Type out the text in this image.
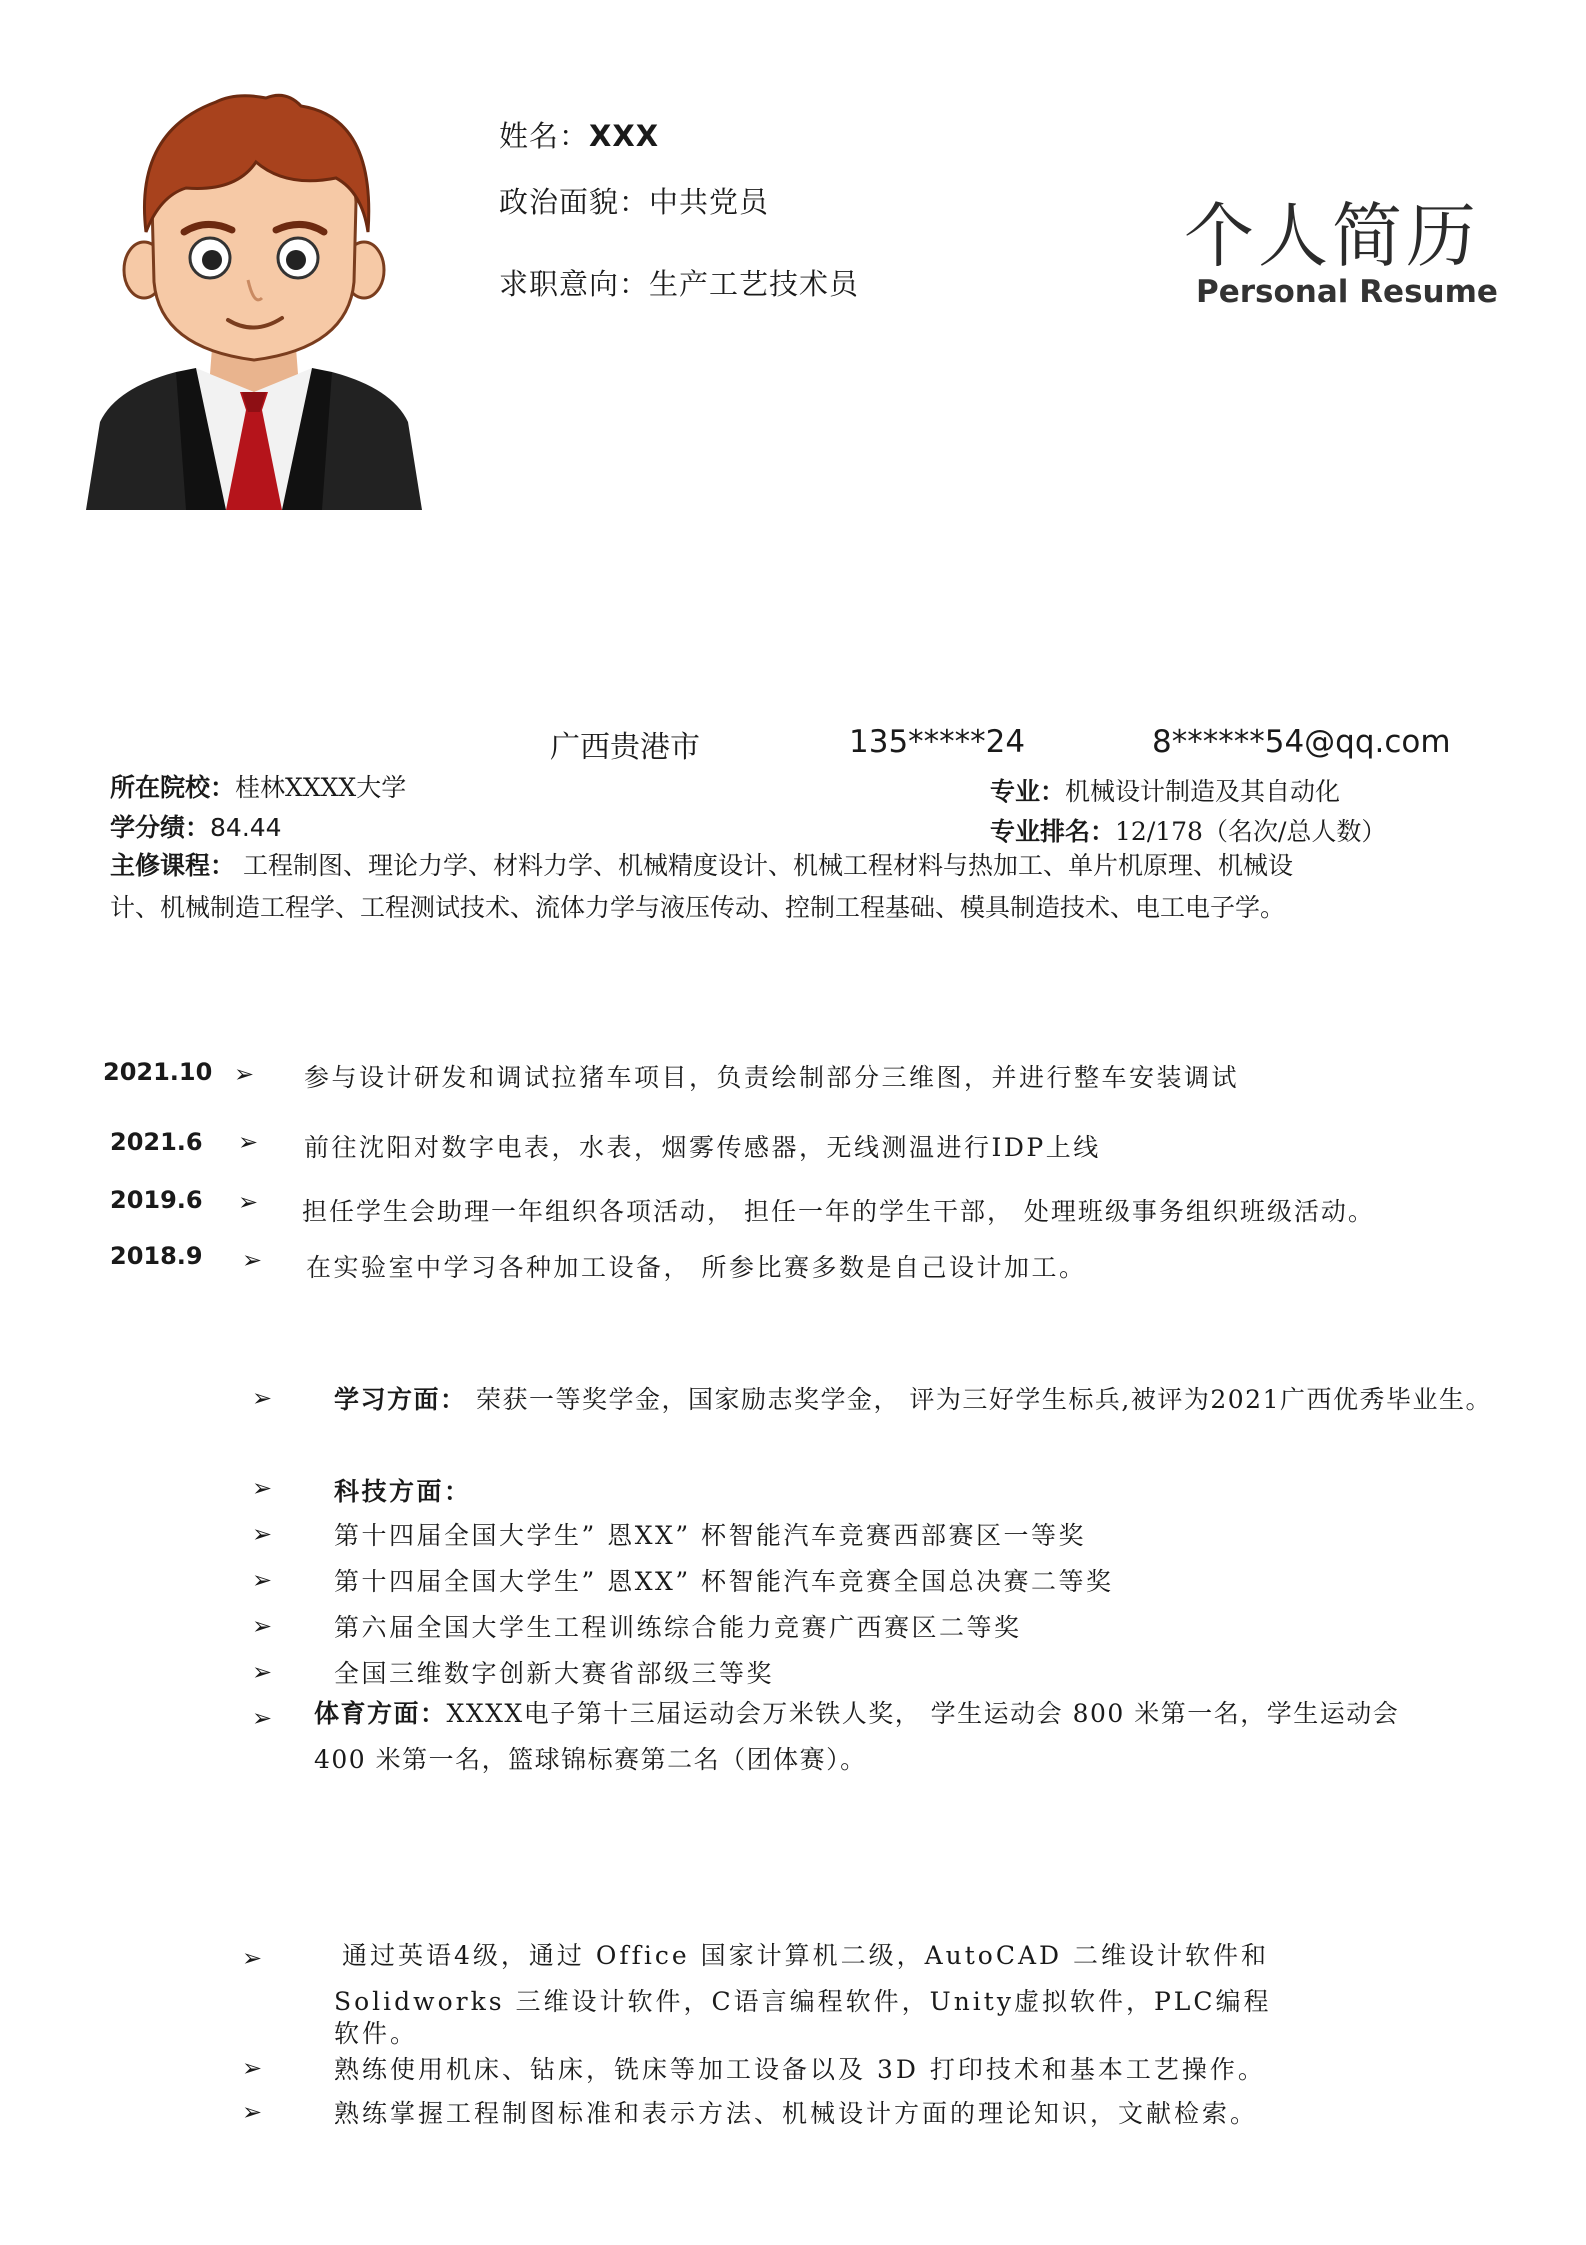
姓名：XXX
政治面貌：中共党员
求职意向：生产工艺技术员
个人简历
Personal Resume
广西贵港市	135*****24	8******54@qq.com
所在院校：桂林XXXX大学	专业：机械设计制造及其自动化
学分绩：84.44	专业排名：12/178（名次/总人数）
主修课程： 工程制图、理论力学、材料力学、机械精度设计、机械工程材料与热加工、单片机原理、机械设
计、机械制造工程学、工程测试技术、流体力学与液压传动、控制工程基础、模具制造技术、电工电子学。
2021.10 ➢ 参与设计研发和调试拉猪车项目，负责绘制部分三维图，并进行整车安装调试
2021.6 ➢ 前往沈阳对数字电表，水表，烟雾传感器，无线测温进行IDP上线
2019.6 ➢ 担任学生会助理一年组织各项活动， 担任一年的学生干部， 处理班级事务组织班级活动。
2018.9 ➢ 在实验室中学习各种加工设备， 所参比赛多数是自己设计加工。
➢ 学习方面： 荣获一等奖学金，国家励志奖学金， 评为三好学生标兵,被评为2021广西优秀毕业生。
➢ 科技方面：
➢ 第十四届全国大学生” 恩XX” 杯智能汽车竞赛西部赛区一等奖
➢ 第十四届全国大学生” 恩XX” 杯智能汽车竞赛全国总决赛二等奖
➢ 第六届全国大学生工程训练综合能力竞赛广西赛区二等奖
➢ 全国三维数字创新大赛省部级三等奖
➢ 体育方面：XXXX电子第十三届运动会万米铁人奖， 学生运动会 800 米第一名，学生运动会
400 米第一名，篮球锦标赛第二名（团体赛）。
➢	通过英语4级，通过 Office 国家计算机二级，AutoCAD 二维设计软件和
Solidworks 三维设计软件，C语言编程软件，Unity虚拟软件，PLC编程
软件。
➢	熟练使用机床、钻床，铣床等加工设备以及 3D 打印技术和基本工艺操作。
➢	熟练掌握工程制图标准和表示方法、机械设计方面的理论知识，文献检索。
